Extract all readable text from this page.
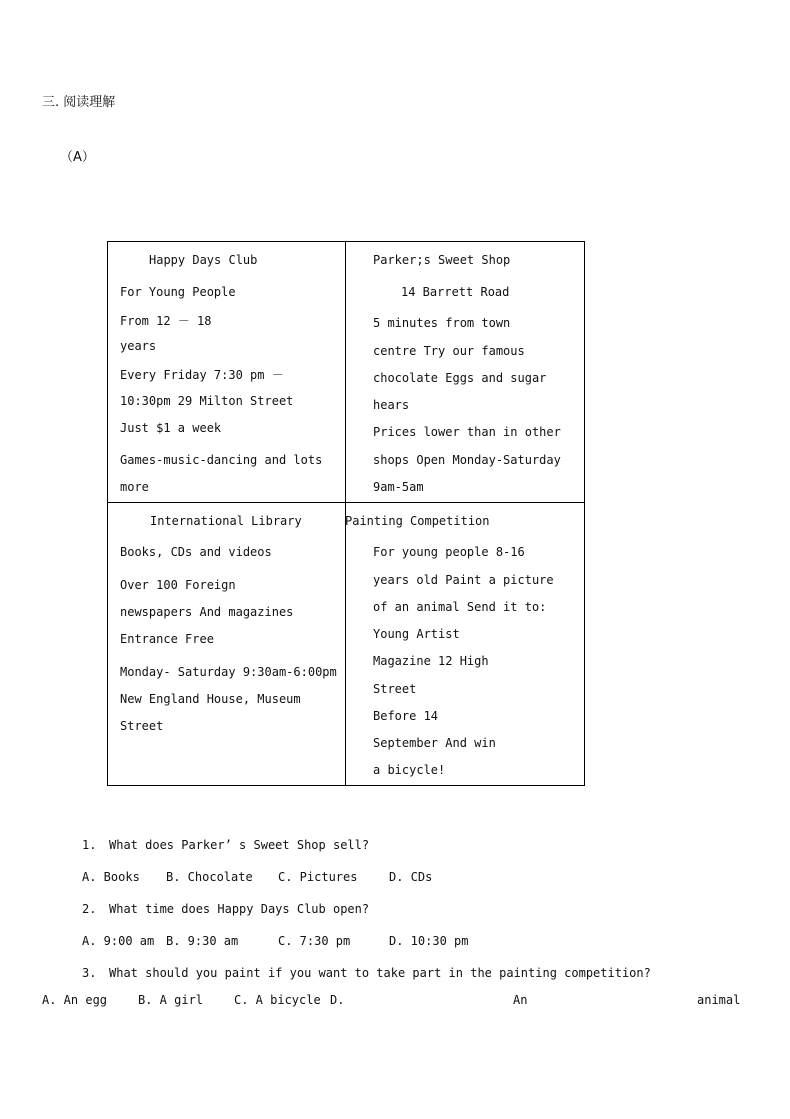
三. 阅读理解
（A）
Happy Days Club
For Young People
From 12 － 18
years
Every Friday 7:30 pm －
10:30pm 29 Milton Street
Just $1 a week
Games-music-dancing and lots
more
Parker;s Sweet Shop
14 Barrett Road
5 minutes from town
centre Try our famous
chocolate Eggs and sugar
hears
Prices lower than in other
shops Open Monday-Saturday
9am-5am
International Library
Books, CDs and videos
Over 100 Foreign
newspapers And magazines
Entrance Free
Monday- Saturday 9:30am-6:00pm
New England House, Museum
Street
Painting Competition
For young people 8-16
years old Paint a picture
of an animal Send it to:
Young Artist
Magazine 12 High
Street
Before 14
September And win
a bicycle!
1. What does Parker’ s Sweet Shop sell?
A. Books B. Chocolate C. Pictures	D. CDs
2. What time does Happy Days Club open?
A. 9:00 am B. 9:30 am	C. 7:30 pm	D. 10:30 pm
3. What should you paint if you want to take part in the painting competition?
A. An egg	B. A girl	C. A bicycle D.	An	animal
